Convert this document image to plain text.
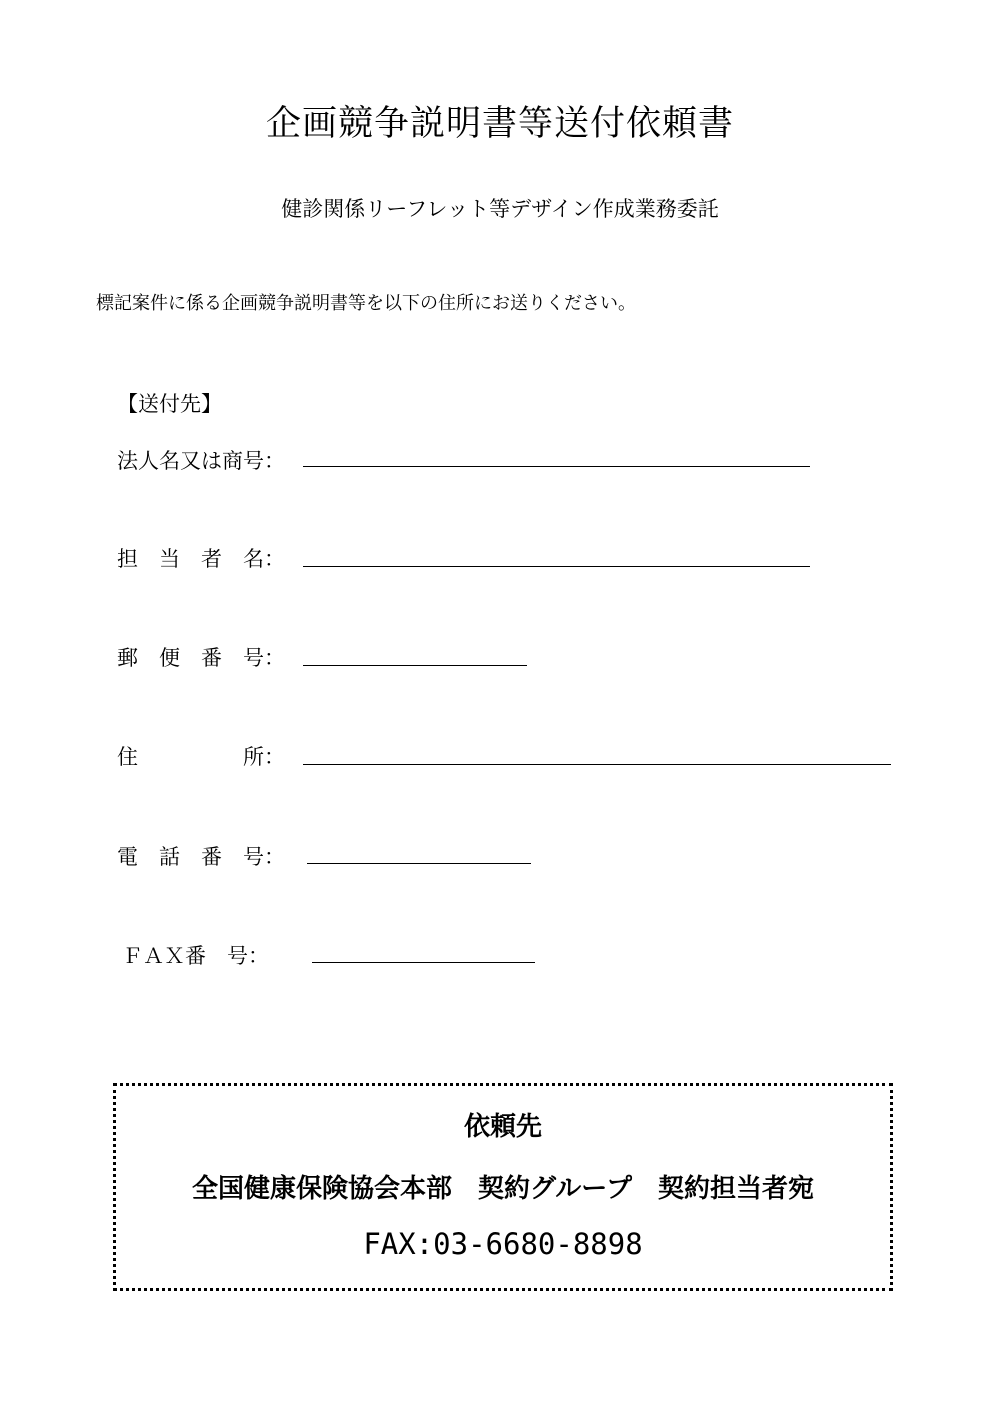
企画競争説明書等送付依頼書
健診関係リーフレット等デザイン作成業務委託
標記案件に係る企画競争説明書等を以下の住所にお送りください。
【送付先】
法人名又は商号：
担　当　者　名：
郵　便　番　号：
住　　　　　所：
電　話　番　号：
ＦＡＸ番　号：
依頼先
全国健康保険協会本部　契約グループ　契約担当者宛
FAX:03-6680-8898
